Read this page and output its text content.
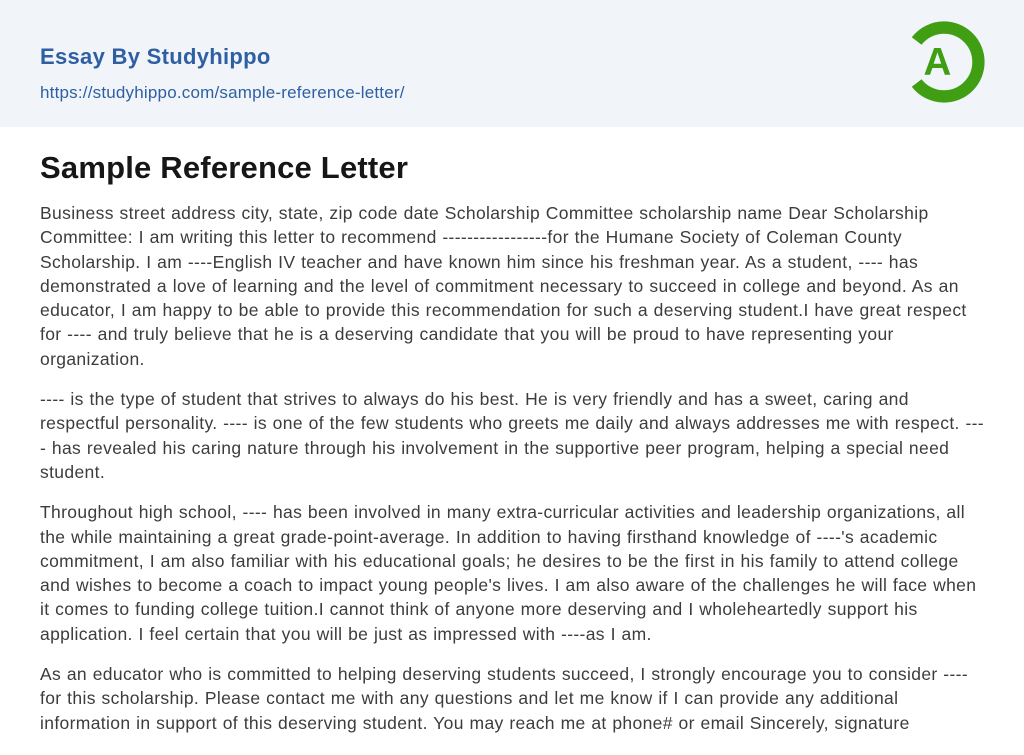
Essay By Studyhippo
https://studyhippo.com/sample-reference-letter/
A
Sample Reference Letter

Business street address city, state, zip code date Scholarship Committee scholarship name Dear Scholarship Committee: I am writing this letter to recommend -----------------for the Humane Society of Coleman County Scholarship. I am ----English IV teacher and have known him since his freshman year. As a student, ---- has demonstrated a love of learning and the level of commitment necessary to succeed in college and beyond. As an educator, I am happy to be able to provide this recommendation for such a deserving student.I have great respect for ---- and truly believe that he is a deserving candidate that you will be proud to have representing your organization.

---- is the type of student that strives to always do his best. He is very friendly and has a sweet, caring and respectful personality. ---- is one of the few students who greets me daily and always addresses me with respect. ---- has revealed his caring nature through his involvement in the supportive peer program, helping a special need student.

Throughout high school, ---- has been involved in many extra-curricular activities and leadership organizations, all the while maintaining a great grade-point-average. In addition to having firsthand knowledge of ----'s academic commitment, I am also familiar with his educational goals; he desires to be the first in his family to attend college and wishes to become a coach to impact young people's lives. I am also aware of the challenges he will face when it comes to funding college tuition.I cannot think of anyone more deserving and I wholeheartedly support his application. I feel certain that you will be just as impressed with ----as I am.

As an educator who is committed to helping deserving students succeed, I strongly encourage you to consider ---- for this scholarship. Please contact me with any questions and let me know if I can provide any additional information in support of this deserving student. You may reach me at phone# or email Sincerely, signature
